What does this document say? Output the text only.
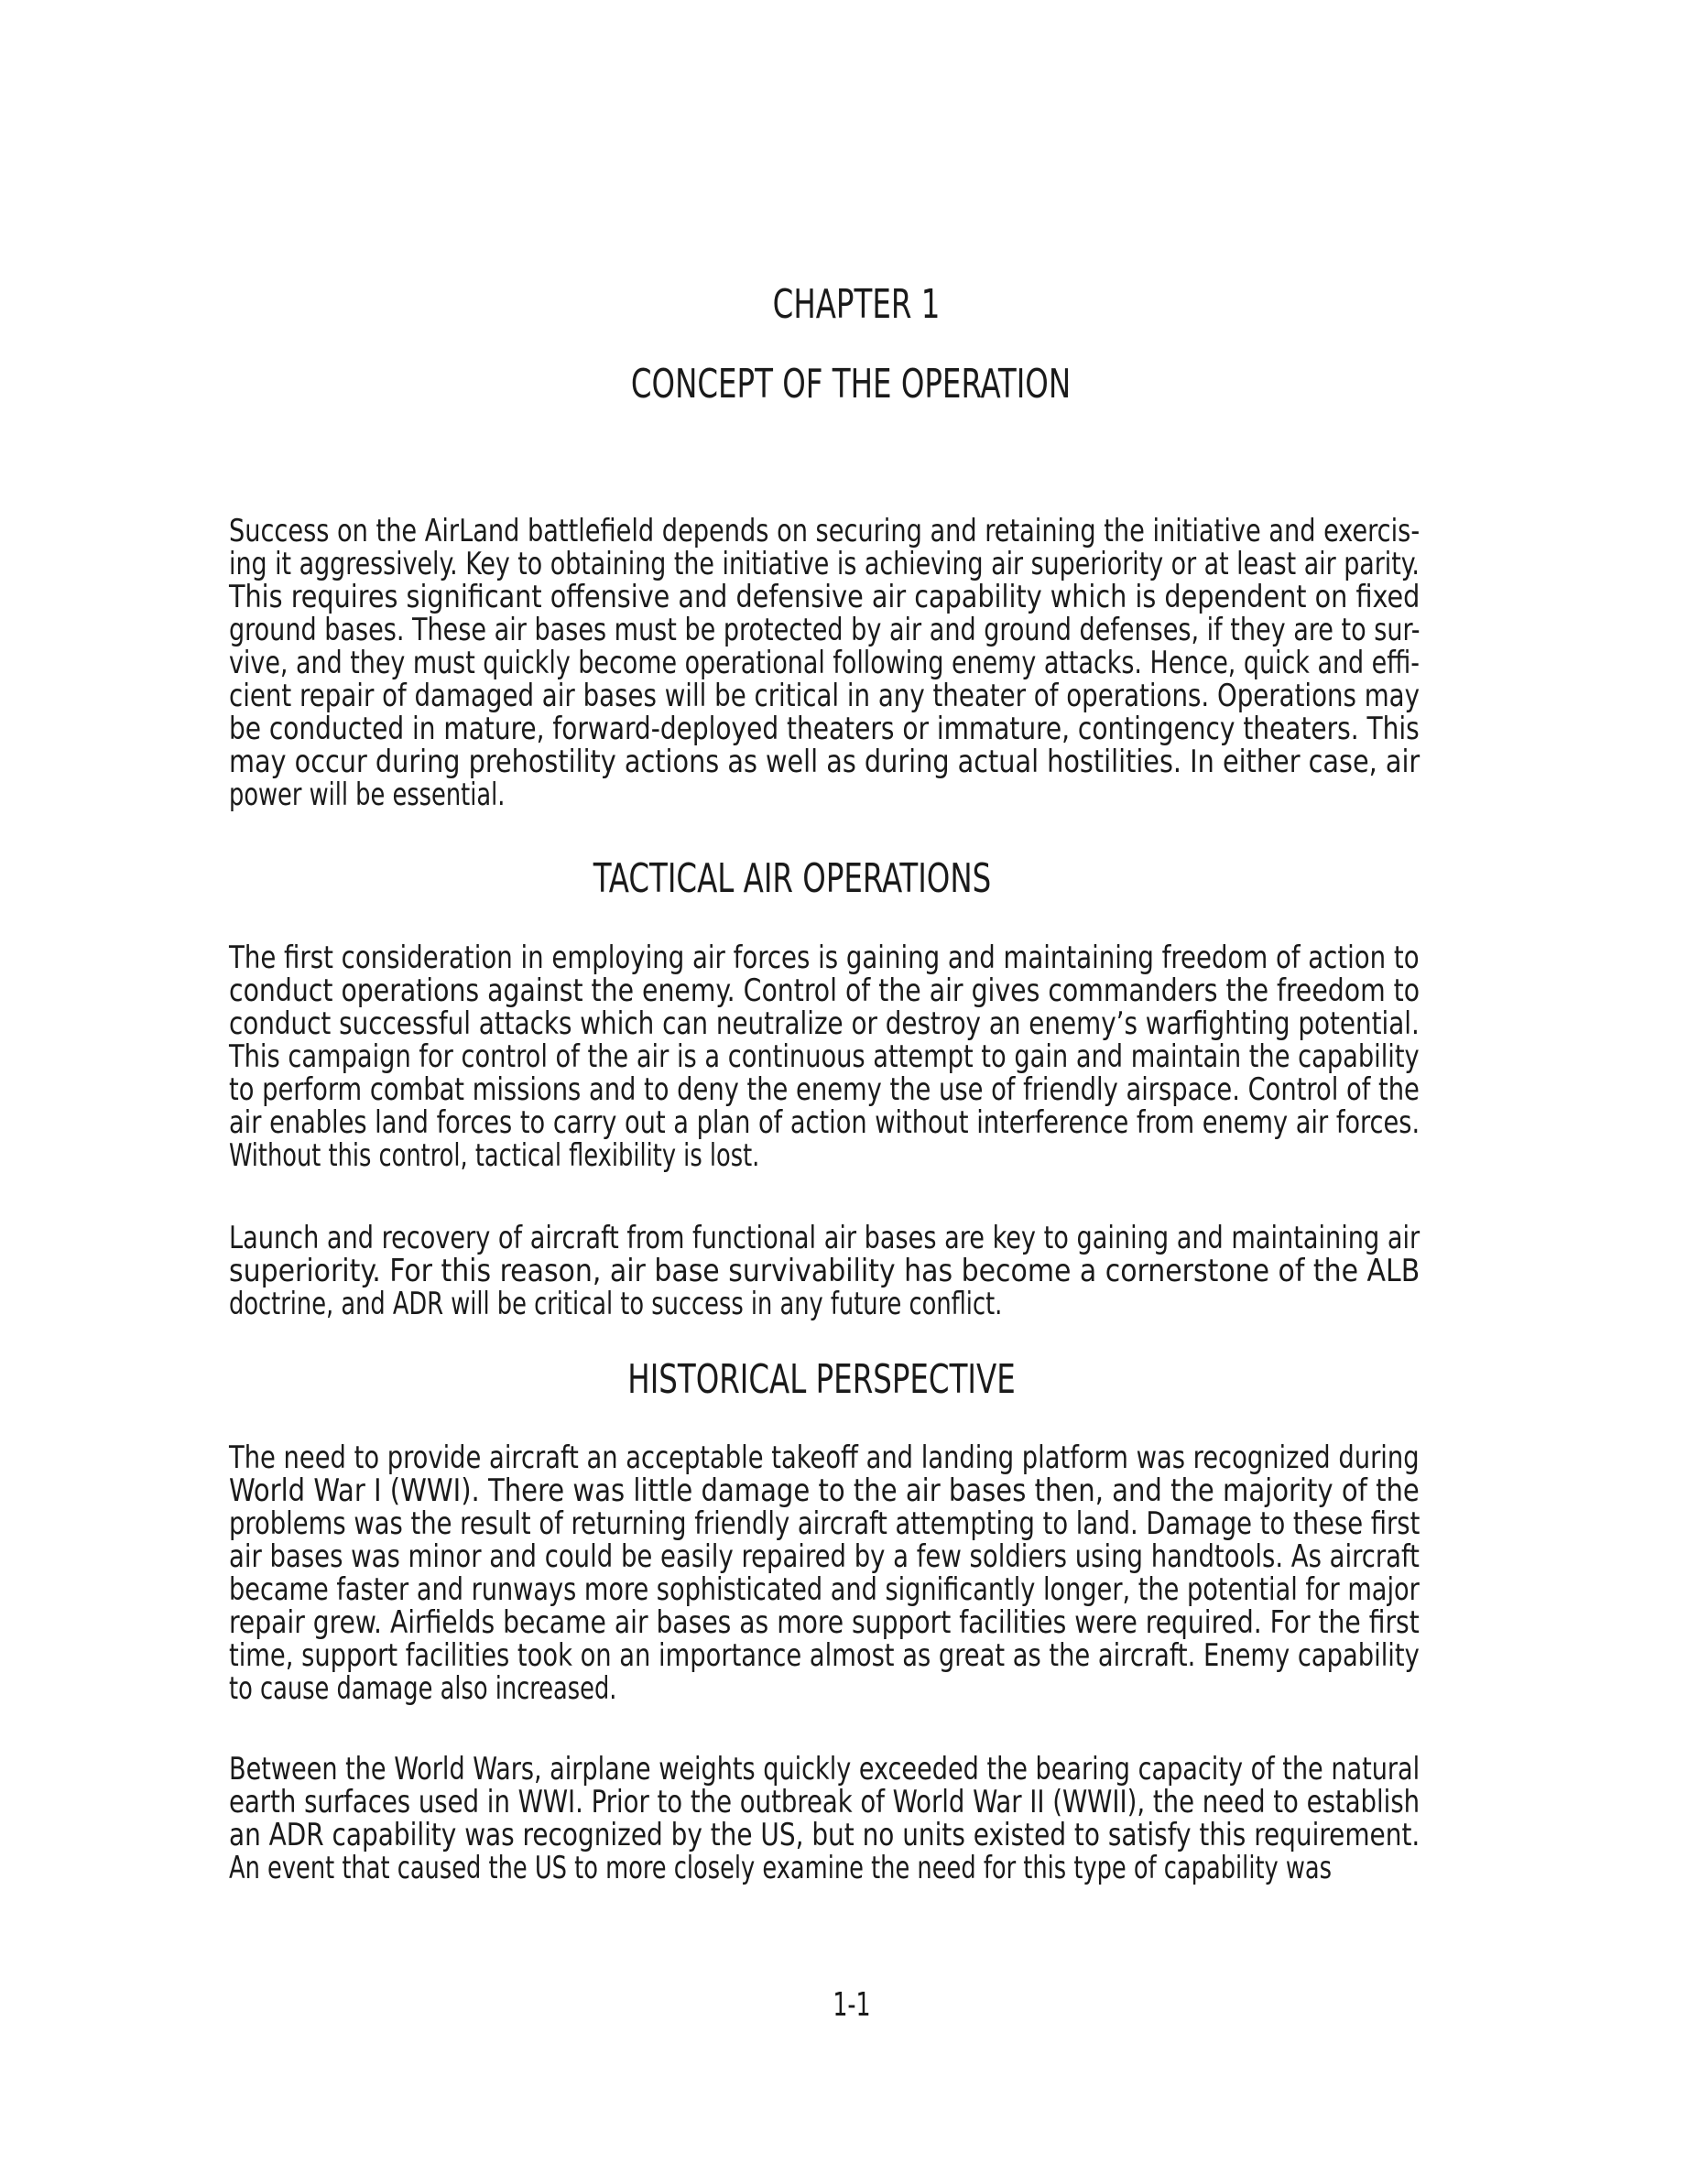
CHAPTER 1
CONCEPT OF THE OPERATION
Success on the AirLand battlefield depends on securing and retaining the initiative and exercis-
ing it aggressively. Key to obtaining the initiative is achieving air superiority or at least air parity.
This requires significant offensive and defensive air capability which is dependent on fixed
ground bases. These air bases must be protected by air and ground defenses, if they are to sur-
vive, and they must quickly become operational following enemy attacks. Hence, quick and effi-
cient repair of damaged air bases will be critical in any theater of operations. Operations may
be conducted in mature, forward-deployed theaters or immature, contingency theaters. This
may occur during prehostility actions as well as during actual hostilities. In either case, air
power will be essential.
TACTICAL AIR OPERATIONS
The first consideration in employing air forces is gaining and maintaining freedom of action to
conduct operations against the enemy. Control of the air gives commanders the freedom to
conduct successful attacks which can neutralize or destroy an enemy’s warfighting potential.
This campaign for control of the air is a continuous attempt to gain and maintain the capability
to perform combat missions and to deny the enemy the use of friendly airspace. Control of the
air enables land forces to carry out a plan of action without interference from enemy air forces.
Without this control, tactical flexibility is lost.
Launch and recovery of aircraft from functional air bases are key to gaining and maintaining air
superiority. For this reason, air base survivability has become a cornerstone of the ALB
doctrine, and ADR will be critical to success in any future conflict.
HISTORICAL PERSPECTIVE
The need to provide aircraft an acceptable takeoff and landing platform was recognized during
World War I (WWI). There was little damage to the air bases then, and the majority of the
problems was the result of returning friendly aircraft attempting to land. Damage to these first
air bases was minor and could be easily repaired by a few soldiers using handtools. As aircraft
became faster and runways more sophisticated and significantly longer, the potential for major
repair grew. Airfields became air bases as more support facilities were required. For the first
time, support facilities took on an importance almost as great as the aircraft. Enemy capability
to cause damage also increased.
Between the World Wars, airplane weights quickly exceeded the bearing capacity of the natural
earth surfaces used in WWI. Prior to the outbreak of World War II (WWII), the need to establish
an ADR capability was recognized by the US, but no units existed to satisfy this requirement.
An event that caused the US to more closely examine the need for this type of capability was
1-1
